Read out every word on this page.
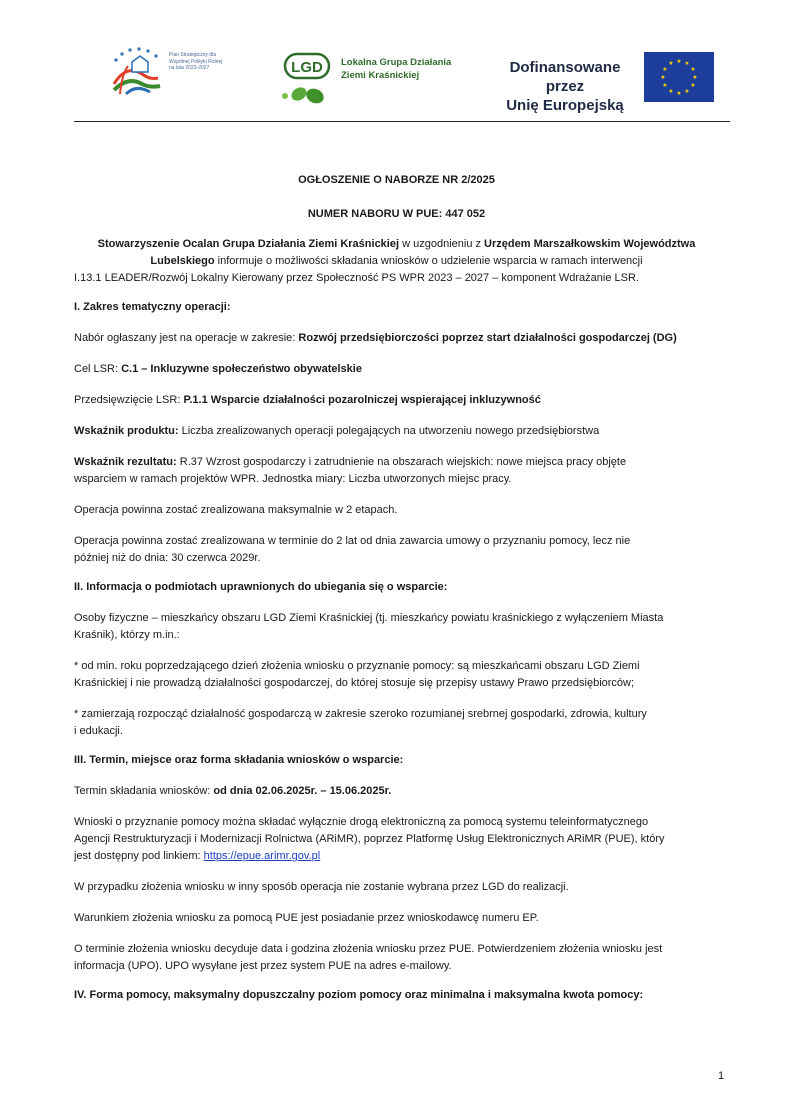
Plan Strategiczny dla Wspólnej Polityki Rolnej na lata 2023-2027	LGD Lokalna Grupa Działania
Ziemi Kraśnickiej	Dofinansowane przez
Unię Europejską
★ ★
★
★
★
★
★
★
★
★
★
★

OGŁOSZENIE O NABORZE NR 2/2025

NUMER NABORU W PUE: 447 052

Stowarzyszenie Ocalan Grupa Działania Ziemi Kraśnickiej w uzgodnieniu z Urzędem Marszałkowskim Województwa Lubelskiego informuje o możliwości składania wniosków o udzielenie wsparcia w ramach interwencji
I.13.1 LEADER/Rozwój Lokalny Kierowany przez Społeczność PS WPR 2023 – 2027 – komponent Wdrażanie LSR.

I. Zakres tematyczny operacji:

Nabór ogłaszany jest na operacje w zakresie: Rozwój przedsiębiorczości poprzez start działalności gospodarczej (DG)

Cel LSR: C.1 – Inkluzywne społeczeństwo obywatelskie

Przedsięwzięcie LSR: P.1.1 Wsparcie działalności pozarolniczej wspierającej inkluzywność

Wskaźnik produktu: Liczba zrealizowanych operacji polegających na utworzeniu nowego przedsiębiorstwa

Wskaźnik rezultatu: R.37 Wzrost gospodarczy i zatrudnienie na obszarach wiejskich: nowe miejsca pracy objęte
wsparciem w ramach projektów WPR. Jednostka miary: Liczba utworzonych miejsc pracy.

Operacja powinna zostać zrealizowana maksymalnie w 2 etapach.

Operacja powinna zostać zrealizowana w terminie do 2 lat od dnia zawarcia umowy o przyznaniu pomocy, lecz nie
później niż do dnia: 30 czerwca 2029r.

II. Informacja o podmiotach uprawnionych do ubiegania się o wsparcie:

Osoby fizyczne – mieszkańcy obszaru LGD Ziemi Kraśnickiej (tj. mieszkańcy powiatu kraśnickiego z wyłączeniem Miasta
Kraśnik), którzy m.in.:
* od min. roku poprzedzającego dzień złożenia wniosku o przyznanie pomocy: są mieszkańcami obszaru LGD Ziemi
Kraśnickiej i nie prowadzą działalności gospodarczej, do której stosuje się przepisy ustawy Prawo przedsiębiorców;
* zamierzają rozpocząć działalność gospodarczą w zakresie szeroko rozumianej srebrnej gospodarki, zdrowia, kultury
i edukacji.

III. Termin, miejsce oraz forma składania wniosków o wsparcie:

Termin składania wniosków: od dnia 02.06.2025r. – 15.06.2025r.

Wnioski o przyznanie pomocy można składać wyłącznie drogą elektroniczną za pomocą systemu teleinformatycznego
Agencji Restrukturyzacji i Modernizacji Rolnictwa (ARiMR), poprzez Platformę Usług Elektronicznych ARiMR (PUE), który
jest dostępny pod linkiem: https://epue.arimr.gov.pl

W przypadku złożenia wniosku w inny sposób operacja nie zostanie wybrana przez LGD do realizacji.

Warunkiem złożenia wniosku za pomocą PUE jest posiadanie przez wnioskodawcę numeru EP.

O terminie złożenia wniosku decyduje data i godzina złożenia wniosku przez PUE. Potwierdzeniem złożenia wniosku jest
informacja (UPO). UPO wysyłane jest przez system PUE na adres e-mailowy.

IV. Forma pomocy, maksymalny dopuszczalny poziom pomocy oraz minimalna i maksymalna kwota pomocy:

1
